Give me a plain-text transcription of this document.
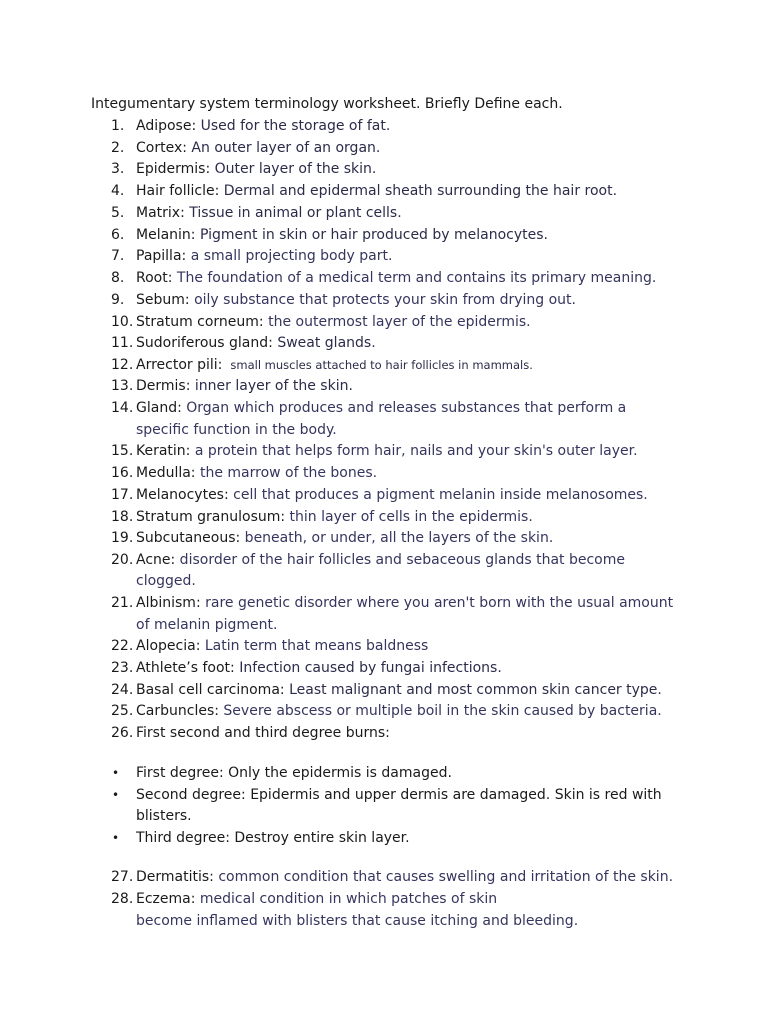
Integumentary system terminology worksheet. Briefly Define each.
1. Adipose: Used for the storage of fat.
2. Cortex: An outer layer of an organ.
3. Epidermis: Outer layer of the skin.
4. Hair follicle: Dermal and epidermal sheath surrounding the hair root.
5. Matrix: Tissue in animal or plant cells.
6. Melanin: Pigment in skin or hair produced by melanocytes.
7. Papilla: a small projecting body part.
8. Root: The foundation of a medical term and contains its primary meaning.
9. Sebum: oily substance that protects your skin from drying out.
10. Stratum corneum: the outermost layer of the epidermis.
11. Sudoriferous gland: Sweat glands.
12. Arrector pili: small muscles attached to hair follicles in mammals.
13. Dermis: inner layer of the skin.
14. Gland: Organ which produces and releases substances that perform a
specific function in the body.
15. Keratin: a protein that helps form hair, nails and your skin's outer layer.
16. Medulla: the marrow of the bones.
17. Melanocytes: cell that produces a pigment melanin inside melanosomes.
18. Stratum granulosum: thin layer of cells in the epidermis.
19. Subcutaneous: beneath, or under, all the layers of the skin.
20. Acne: disorder of the hair follicles and sebaceous glands that become
clogged.
21. Albinism: rare genetic disorder where you aren't born with the usual amount
of melanin pigment.
22. Alopecia: Latin term that means baldness
23. Athlete’s foot: Infection caused by fungai infections.
24. Basal cell carcinoma: Least malignant and most common skin cancer type.
25. Carbuncles: Severe abscess or multiple boil in the skin caused by bacteria.
26. First second and third degree burns:
• First degree: Only the epidermis is damaged.
• Second degree: Epidermis and upper dermis are damaged. Skin is red with
blisters.
• Third degree: Destroy entire skin layer.
27. Dermatitis: common condition that causes swelling and irritation of the skin.
28. Eczema: medical condition in which patches of skin
become inflamed with blisters that cause itching and bleeding.
